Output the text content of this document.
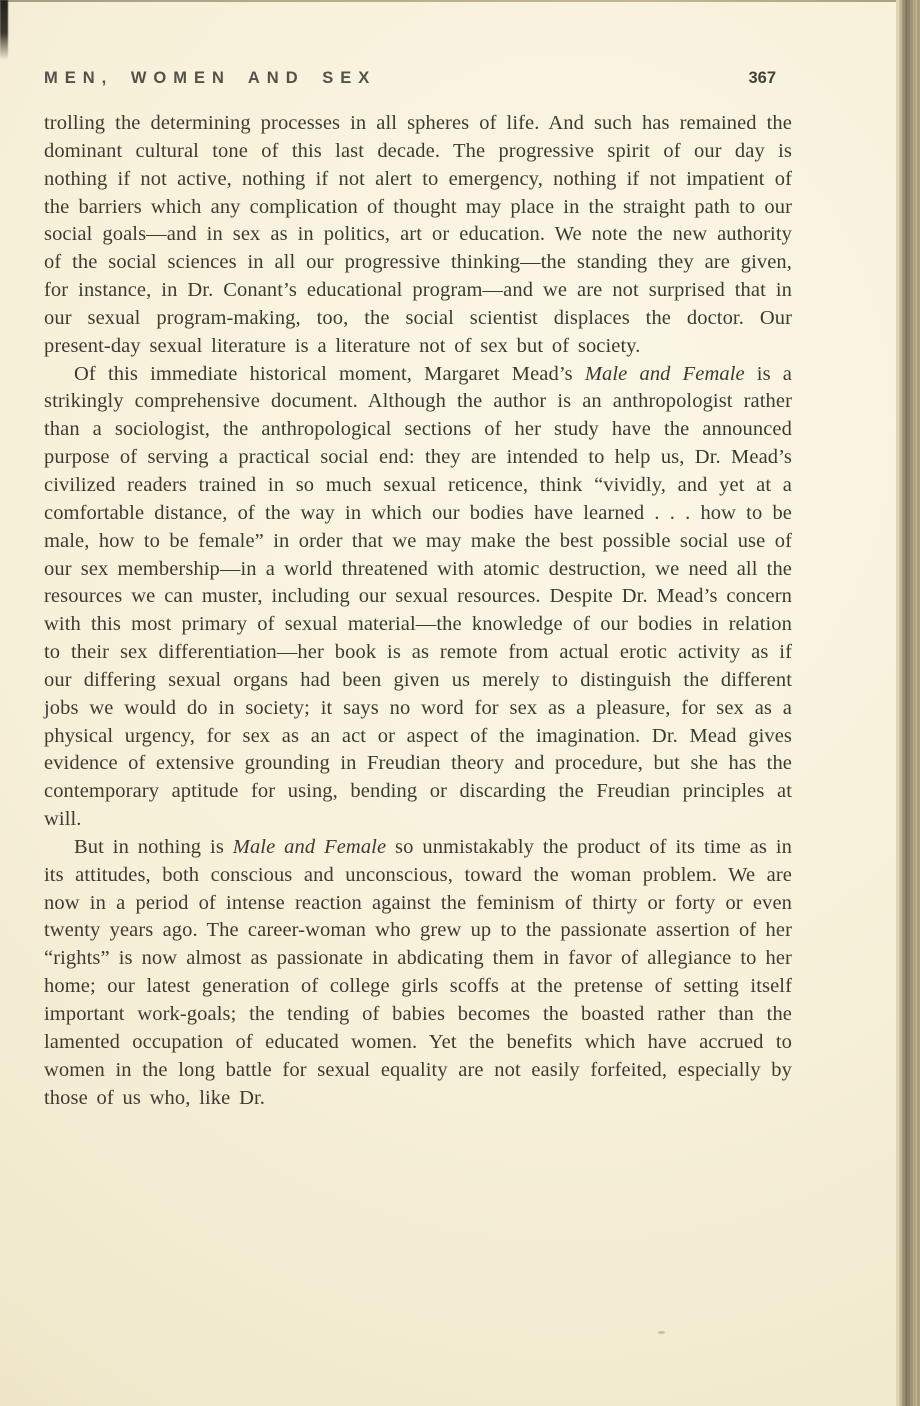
MEN, WOMEN AND SEX	367

trolling the determining processes in all spheres of life. And such has remained the dominant cultural tone of this last decade. The progressive spirit of our day is nothing if not active, nothing if not alert to emergency, nothing if not impatient of the barriers which any complication of thought may place in the straight path to our social goals—and in sex as in politics, art or education. We note the new authority of the social sciences in all our progressive thinking—the standing they are given, for instance, in Dr. Conant’s educational program—and we are not surprised that in our sexual program-making, too, the social scientist displaces the doctor. Our present-day sexual literature is a literature not of sex but of society.

Of this immediate historical moment, Margaret Mead’s Male and Female is a strikingly comprehensive document. Although the author is an anthropologist rather than a sociologist, the anthropological sections of her study have the announced purpose of serving a practical social end: they are intended to help us, Dr. Mead’s civilized readers trained in so much sexual reticence, think “vividly, and yet at a comfortable distance, of the way in which our bodies have learned . . . how to be male, how to be female” in order that we may make the best possible social use of our sex membership—in a world threatened with atomic destruction, we need all the resources we can muster, including our sexual resources. Despite Dr. Mead’s concern with this most primary of sexual material—the knowledge of our bodies in relation to their sex differentiation—her book is as remote from actual erotic activity as if our differing sexual organs had been given us merely to distinguish the different jobs we would do in society; it says no word for sex as a pleasure, for sex as a physical urgency, for sex as an act or aspect of the imagination. Dr. Mead gives evidence of extensive grounding in Freudian theory and procedure, but she has the contemporary aptitude for using, bending or discarding the Freudian principles at will.

But in nothing is Male and Female so unmistakably the product of its time as in its attitudes, both conscious and unconscious, toward the woman problem. We are now in a period of intense reaction against the feminism of thirty or forty or even twenty years ago. The career-woman who grew up to the passionate assertion of her “rights” is now almost as passionate in abdicating them in favor of allegiance to her home; our latest generation of college girls scoffs at the pretense of setting itself important work-goals; the tending of babies becomes the boasted rather than the lamented occupation of educated women. Yet the benefits which have accrued to women in the long battle for sexual equality are not easily forfeited, especially by those of us who, like Dr.
